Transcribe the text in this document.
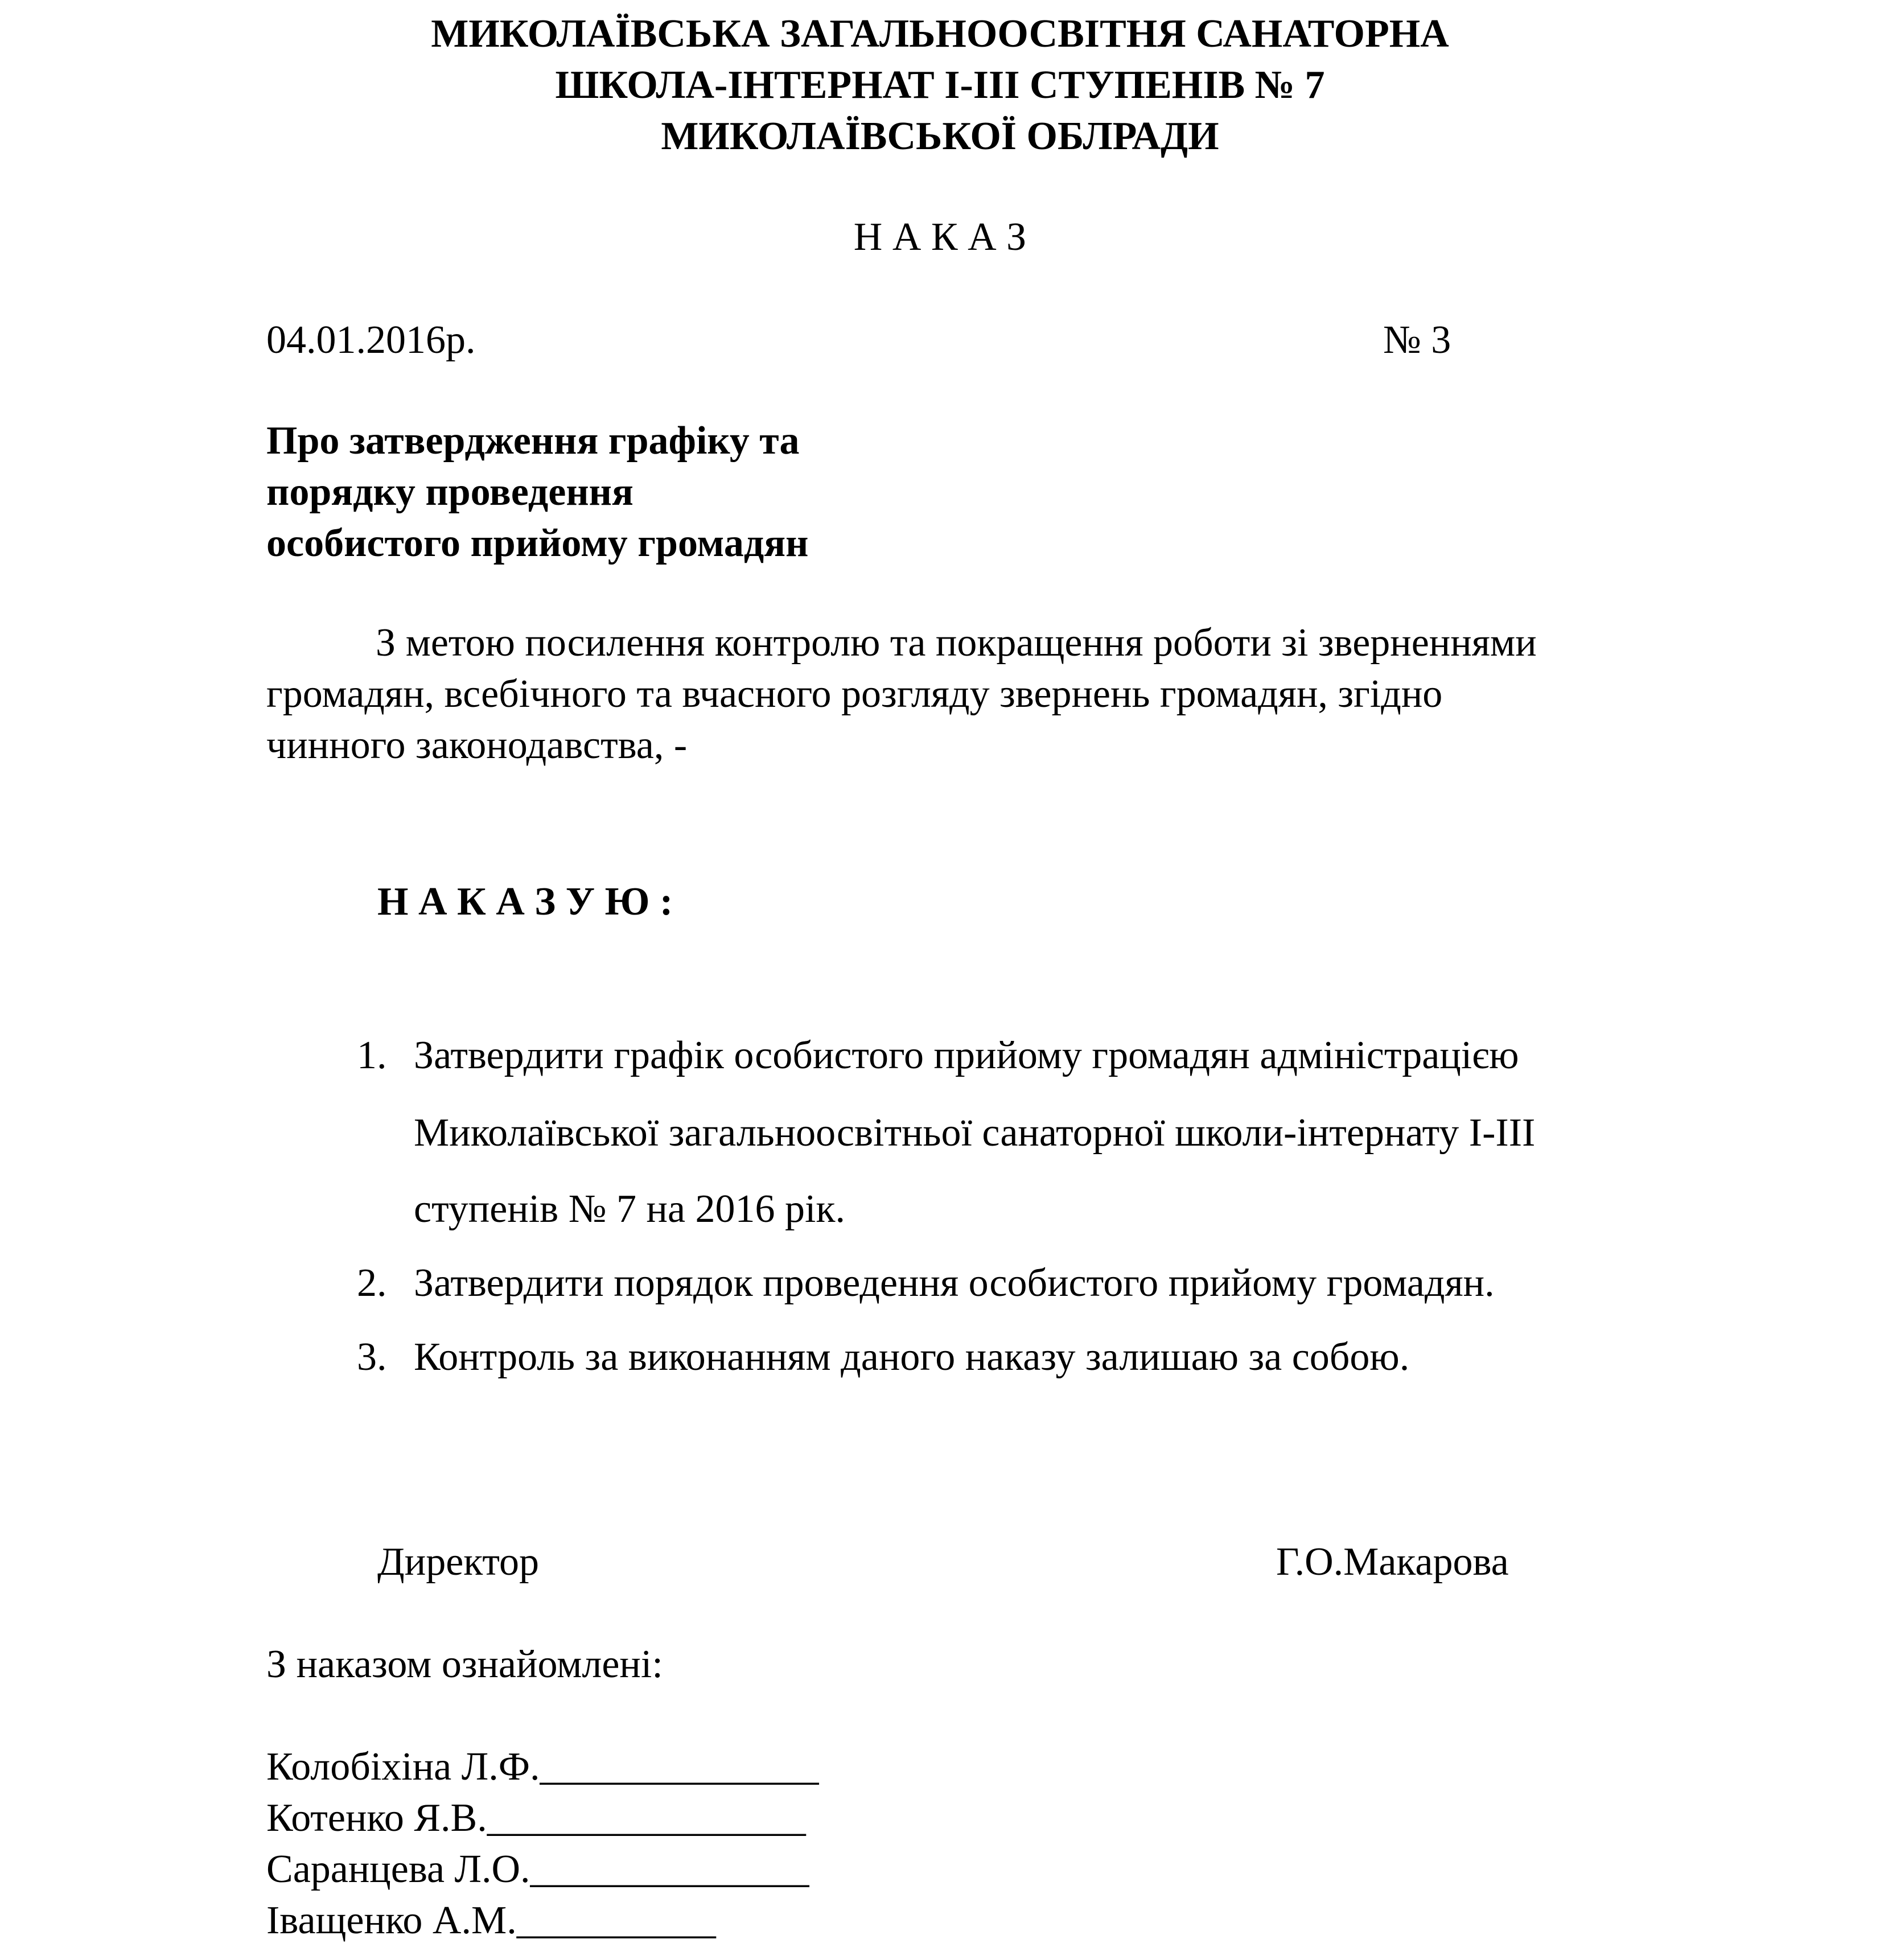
МИКОЛАЇВСЬКА ЗАГАЛЬНООСВІТНЯ САНАТОРНА
ШКОЛА-ІНТЕРНАТ І-ІІІ СТУПЕНІВ № 7
МИКОЛАЇВСЬКОЇ ОБЛРАДИ
Н А К А З
04.01.2016р.	№ 3
Про затвердження графіку та
порядку проведення
особистого прийому громадян
З метою посилення контролю та покращення роботи зі зверненнями
громадян, всебічного та вчасного розгляду звернень громадян, згідно
чинного законодавства, -
Н А К А З У Ю :
1. Затвердити графік особистого прийому громадян адміністрацією
Миколаївської загальноосвітньої санаторної школи-інтернату І-ІІІ
ступенів № 7 на 2016 рік.
2. Затвердити порядок проведення особистого прийому громадян.
3. Контроль за виконанням даного наказу залишаю за собою.
Директор	Г.О.Макарова
З наказом ознайомлені:
Колобіхіна Л.Ф.______________
Котенко Я.В.________________
Саранцева Л.О.______________
Іващенко А.М.__________
